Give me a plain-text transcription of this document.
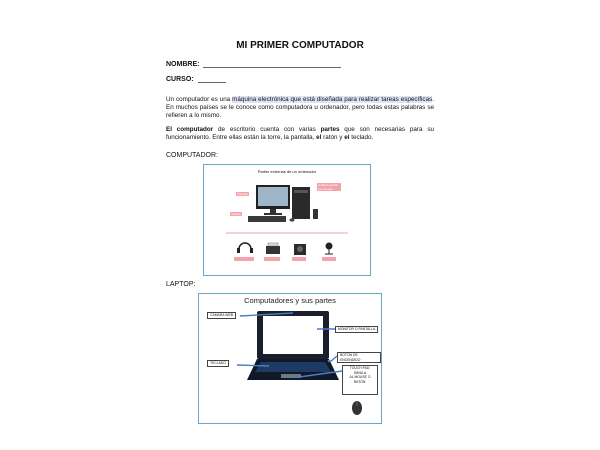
MI PRIMER COMPUTADOR
NOMBRE:
CURSO:
Un computador es una máquina electrónica que está diseñada para realizar tareas específicas. En muchos países se le conoce como computadora u ordenador, pero todas estas palabras se refieren a lo mismo.
El computador de escritorio cuenta con varias partes que son necesarias para su funcionamiento. Entre ellas están la torre, la pantalla, el ratón y el teclado.
COMPUTADOR:
Partes externas de un ordenador
Pantalla
Unidad central de proceso
Teclado
LAPTOP:
Computadores y sus partes
CÁMARA WEB
MONITOR O PANTALLA
BOTÓN DE ENCENDIDO
TECLADO
TOUCH PAD: SIMULA
AL MOUSE O RATÓN.
